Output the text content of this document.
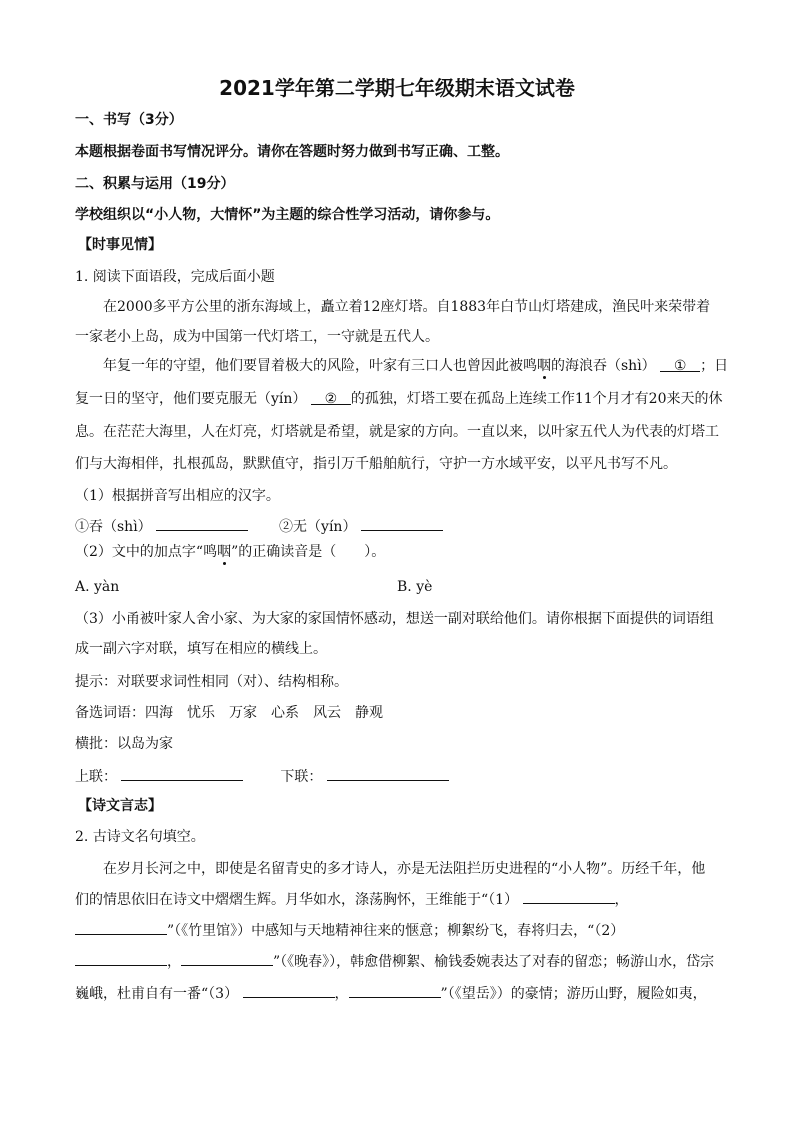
2021学年第二学期七年级期末语文试卷
一、书写（3分）
本题根据卷面书写情况评分。请你在答题时努力做到书写正确、工整。
二、积累与运用（19分）
学校组织以“小人物，大情怀”为主题的综合性学习活动，请你参与。
【时事见情】
1. 阅读下面语段，完成后面小题
在2000多平方公里的浙东海域上，矗立着12座灯塔。自1883年白节山灯塔建成，渔民叶来荣带着
一家老小上岛，成为中国第一代灯塔工，一守就是五代人。
年复一年的守望，他们要冒着极大的风险，叶家有三口人也曾因此被鸣咽的海浪吞（shì） ① ；日
复一日的坚守，他们要克服无（yín） ② 的孤独，灯塔工要在孤岛上连续工作11个月才有20来天的休
息。在茫茫大海里，人在灯亮，灯塔就是希望，就是家的方向。一直以来，以叶家五代人为代表的灯塔工
们与大海相伴，扎根孤岛，默默值守，指引万千船舶航行，守护一方水域平安，以平凡书写不凡。
（1）根据拼音写出相应的汉字。
①吞（shì）	②无（yín）
（2）文中的加点字“鸣咽”的正确读音是（　　）。
A. yàn	B. yè
（3）小甬被叶家人舍小家、为大家的家国情怀感动，想送一副对联给他们。请你根据下面提供的词语组
成一副六字对联，填写在相应的横线上。
提示：对联要求词性相同（对）、结构相称。
备选词语：四海 忧乐 万家 心系 风云 静观
横批：以岛为家
上联：	下联：
【诗文言志】
2. 古诗文名句填空。
在岁月长河之中，即使是名留青史的多才诗人，亦是无法阻拦历史进程的“小人物”。历经千年，他
们的情思依旧在诗文中熠熠生辉。月华如水，涤荡胸怀，王维能于“（1）	，
”（《竹里馆》）中感知与天地精神往来的惬意；柳絮纷飞，春将归去，“（2）
，	”（《晚春》），韩愈借柳絮、榆钱委婉表达了对春的留恋；畅游山水，岱宗
巍峨，杜甫自有一番“（3）	，	”（《望岳》）的豪情；游历山野，履险如夷，
